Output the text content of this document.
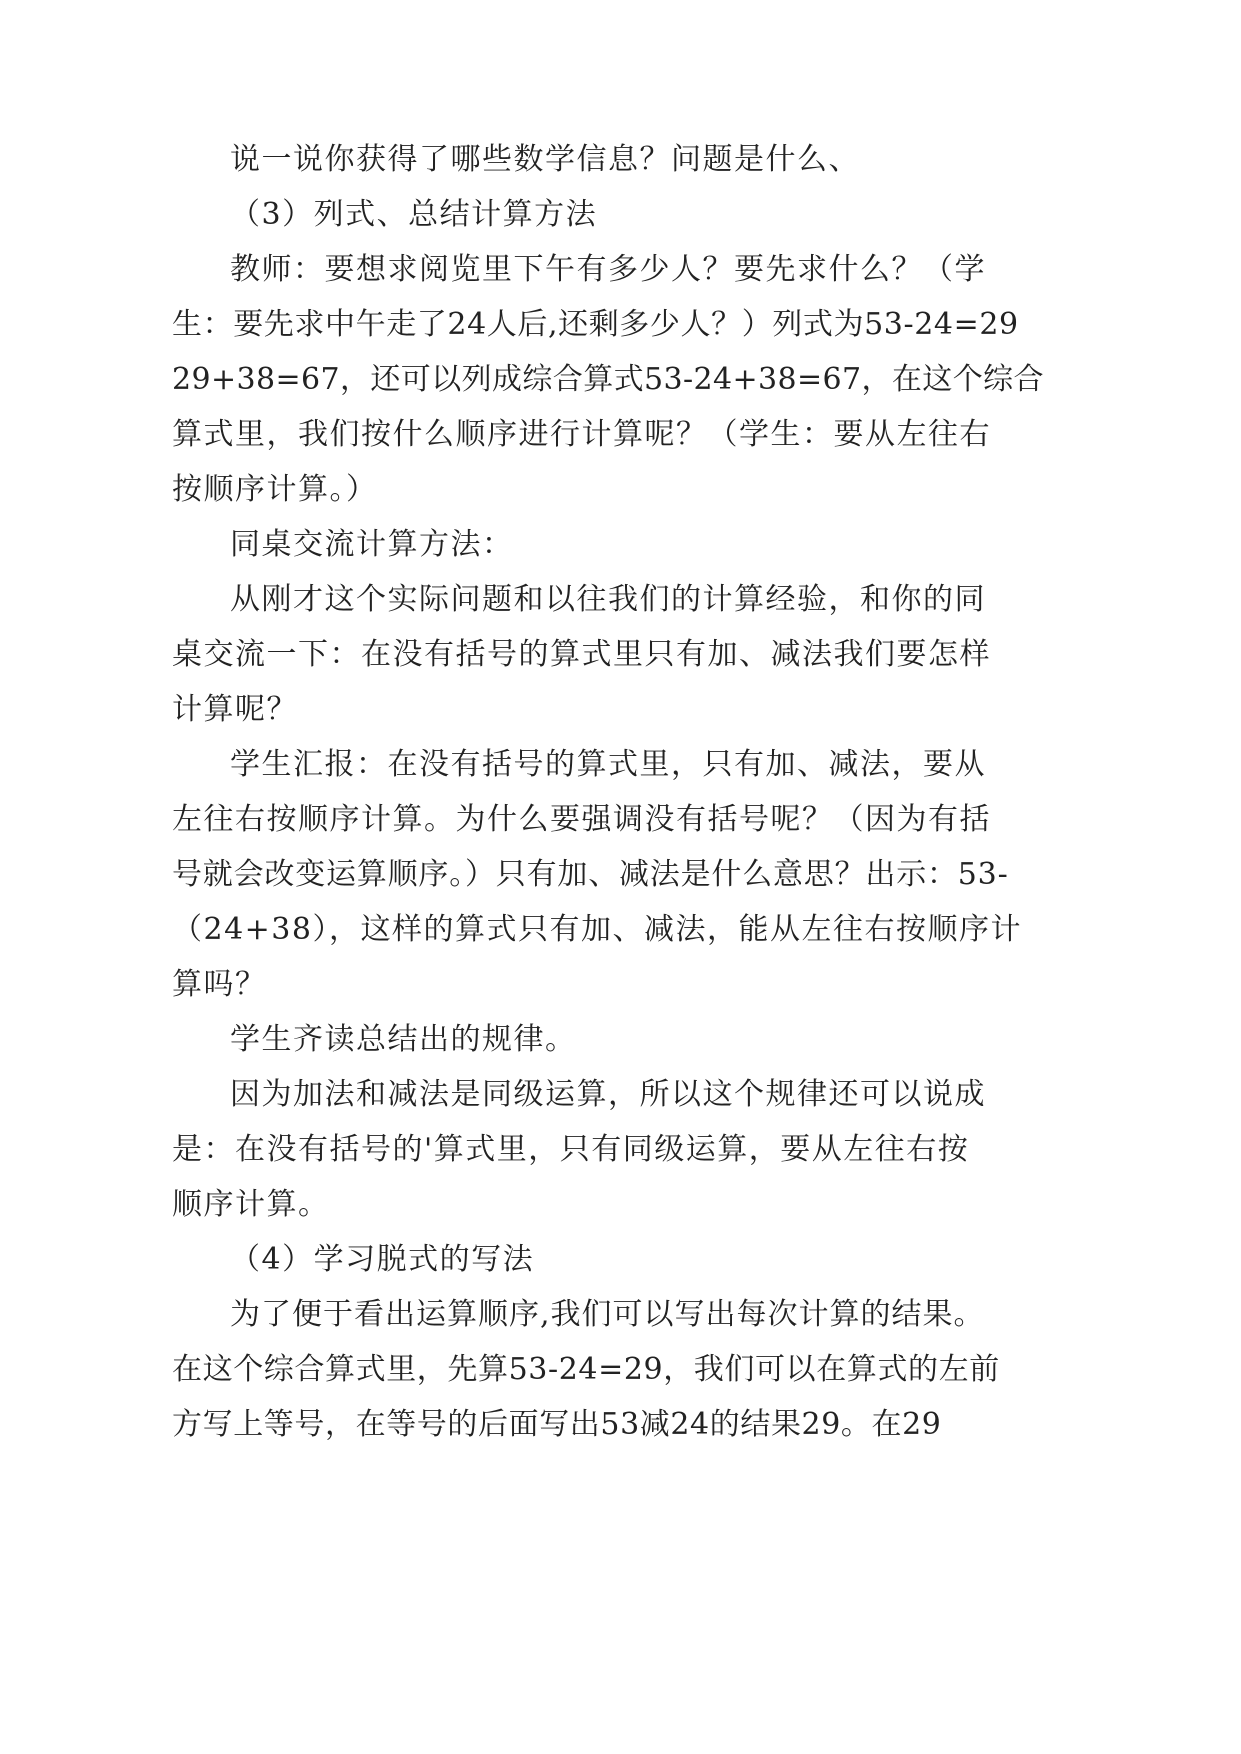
说一说你获得了哪些数学信息？问题是什么、
（3）列式、总结计算方法
教师：要想求阅览里下午有多少人？要先求什么？（学
生：要先求中午走了24人后,还剩多少人？）列式为53-24=29
29+38=67，还可以列成综合算式53-24+38=67，在这个综合
算式里，我们按什么顺序进行计算呢？（学生：要从左往右
按顺序计算。）
同桌交流计算方法：
从刚才这个实际问题和以往我们的计算经验，和你的同
桌交流一下：在没有括号的算式里只有加、减法我们要怎样
计算呢？
学生汇报：在没有括号的算式里，只有加、减法，要从
左往右按顺序计算。为什么要强调没有括号呢？（因为有括
号就会改变运算顺序。）只有加、减法是什么意思？出示：53-
（24+38），这样的算式只有加、减法，能从左往右按顺序计
算吗？
学生齐读总结出的规律。
因为加法和减法是同级运算，所以这个规律还可以说成
是：在没有括号的'算式里，只有同级运算，要从左往右按
顺序计算。
（4）学习脱式的写法
为了便于看出运算顺序,我们可以写出每次计算的结果。
在这个综合算式里，先算53-24=29，我们可以在算式的左前
方写上等号，在等号的后面写出53减24的结果29。在29
